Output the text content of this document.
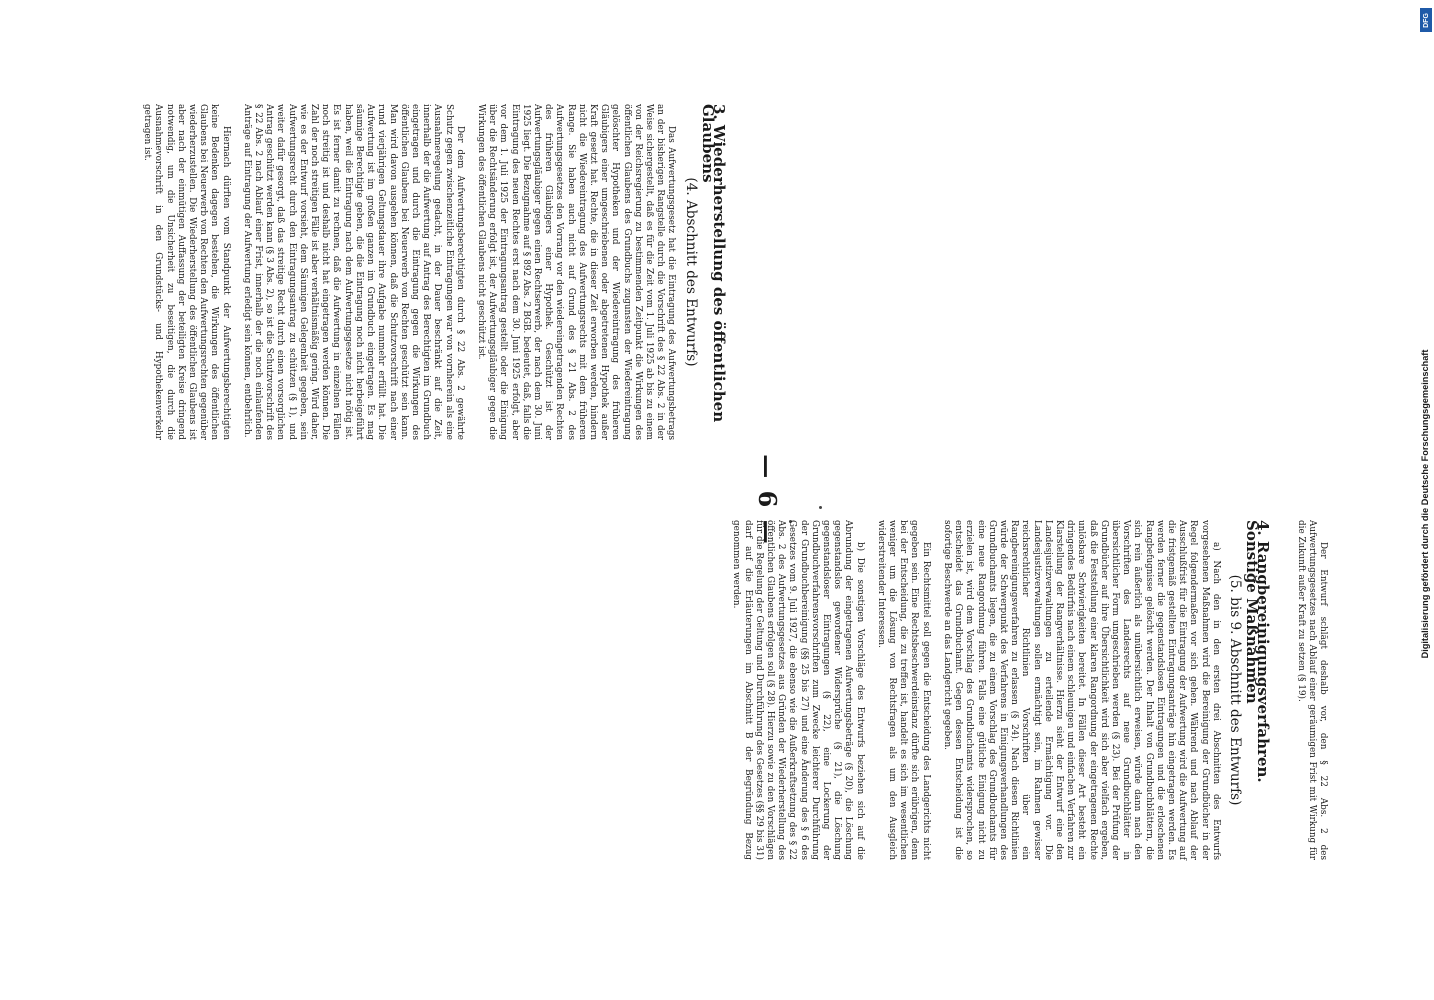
— 6 —

3. Wiederherstellung des öffentlichen Glaubens

(4. Abschnitt des Entwurfs)

Das Aufwertungsgesetz hat die Eintragung des Aufwertungsbetrags an der bisherigen Rangstelle durch die Vorschrift des § 22 Abs. 2 in der Weise sichergestellt, daß es für die Zeit vom 1. Juli 1925 ab bis zu einem von der Reichsregierung zu bestimmenden Zeitpunkt die Wirkungen des öffentlichen Glaubens des Grundbuchs zugunsten der Wiedereintragung gelöschter Hypotheken und der Wiedereintragung des früheren Gläubigers einer umgeschriebenen oder abgetretenen Hypothek außer Kraft gesetzt hat. Rechte, die in dieser Zeit erworben werden, hindern nicht die Wiedereintragung des Aufwertungsrechts mit dem früheren Range. Sie haben auch nicht auf Grund des § 21 Abs. 2 des Aufwertungsgesetzes den Vorrang vor den wiedereingetragenden Rechten des früheren Gläubigers einer Hypothek. Geschützt ist der Aufwertungsgläubiger gegen einen Rechtserwerb, der nach dem 30. Juni 1925 liegt. Die Bezugnahme auf § 892 Abs. 2 BGB. bedeutet, daß, falls die Eintragung des neuen Rechtes erst nach dem 30. Juni 1925 erfolgt, aber vor dem 1. Juli 1925 der Eintragungsantrag gestellt oder die Einigung über die Rechtsänderung erfolgt ist, der Aufwertungsgläubiger gegen die Wirkungen des öffentlichen Glaubens nicht geschützt ist.

Der dem Aufwertungsberechtigten durch § 22 Abs. 2 gewährte Schutz gegen zwischenzeitliche Eintragungen war von vornherein als eine Ausnahmeregelung gedacht, in der Dauer beschränkt auf die Zeit, innerhalb der die Aufwertung auf Antrag des Berechtigten im Grundbuch eingetragen und durch die Eintragung gegen die Wirkungen des öffentlichen Glaubens bei Neuerwerb von Rechten geschützt sein kann. Man wird davon ausgehen können, daß die Schutzvorschrift nach einer rund vierjährigen Geltungsdauer ihre Aufgabe nunmehr erfüllt hat. Die Aufwertung ist im großen ganzen im Grundbuch eingetragen. Es mag säumige Berechtigte geben, die die Eintragung noch nicht herbeigeführt haben, weil die Eintragung nach dem Aufwertungsgesetze nicht nötig ist. Es ist ferner damit zu rechnen, daß die Aufwertung in einzelnen Fällen noch streitig ist und deshalb nicht hat eingetragen werden können. Die Zahl der noch streitigen Fälle ist aber verhältnismäßig gering. Wird daher, wie es der Entwurf vorsieht, dem Säumigen Gelegenheit gegeben, sein Aufwertungsrecht durch den Eintragungsantrag zu schützen (§ 1), und weiter dafür gesorgt, daß das streitige Recht durch einen vorsorglichen Antrag geschützt werden kann (§ 3 Abs. 2), so ist die Schutzvorschrift des § 22 Abs. 2 nach Ablauf einer Frist, innerhalb der die noch einlaufenden Anträge auf Eintragung der Aufwertung erledigt sein können, entbehrlich.

Hiernach dürften vom Standpunkt der Aufwertungsberechtigten keine Bedenken dagegen bestehen, die Wirkungen des öffentlichen Glaubens bei Neuerwerb von Rechten den Aufwertungsrechten gegenüber wiederherzustellen. Die Wiederherstellung des öffentlichen Glaubens ist aber nach der einmütigen Auffassung der beteiligten Kreise dringend notwendig, um die Unsicherheit zu beseitigen, die durch die Ausnahmevorschrift in den Grundstücks- und Hypothekenverkehr getragen ist.

Der Entwurf schlägt deshalb vor, den § 22 Abs. 2 des Aufwertungsgesetzes nach Ablauf einer geräumigen Frist mit Wirkung für die Zukunft außer Kraft zu setzen (§ 19).

4. Rangbereinigungsverfahren. Sonstige Maßnahmen

(5. bis 9. Abschnitt des Entwurfs)

a) Nach den in den ersten drei Abschnitten des Entwurfs vorgesehenen Maßnahmen wird die Bereinigung der Grundbücher in der Regel folgendermaßen vor sich gehen. Während und nach Ablauf der Ausschlußfrist für die Eintragung der Aufwertung wird die Aufwertung auf die fristgemäß gestellten Eintragungsanträge hin eingetragen werden. Es werden ferner die gegenstandslosen Eintragungen und die erloschenen Rangbefugnisse gelöscht werden. Der Inhalt von Grundbuchblättern, die sich rein äußerlich als unübersichtlich erweisen, würde dann nach den Vorschriften des Landesrechts auf neue Grundbuchblätter in übersichtlicher Form umgeschrieben werden (§ 23). Bei der Prüfung der Grundbücher auf ihre Übersichtlichkeit wird sich aber vielfach ergeben, daß die Feststellung einer klaren Rangordnung der eingetragenen Rechte unlösbare Schwierigkeiten bereitet. In Fällen dieser Art besteht ein dringendes Bedürfnis nach einem schleunigen und einfachen Verfahren zur Klarstellung der Rangverhältnisse. Hierzu sieht der Entwurf eine den Landesjustizverwaltungen zu erteilende Ermächtigung vor. Die Landesjustizverwaltungen sollen ermächtigt sein, im Rahmen gewisser reichsrechtlicher Richtlinien Vorschriften über ein Rangbereinigungsverfahren zu erlassen (§ 24). Nach diesen Richtlinien würde der Schwerpunkt des Verfahrens in Einigungsverhandlungen des Grundbuchamts liegen, die zu einem Vorschlag des Grundbuchamts für eine neue Rangordnung führen. Falls eine gütliche Einigung nicht zu erzielen ist, wird dem Vorschlag des Grundbuchamts widersprochen, so entscheidet das Grundbuchamt. Gegen dessen Entscheidung ist die sofortige Beschwerde an das Landgericht gegeben.

Ein Rechtsmittel soll gegen die Entscheidung des Landgerichts nicht gegeben sein. Eine Rechtsbeschwerdeinstanz dürfte sich erübrigen, denn bei der Entscheidung, die zu treffen ist, handelt es sich im wesentlichen weniger um die Lösung von Rechtsfragen als um den Ausgleich widerstreitender Interessen.

b) Die sonstigen Vorschläge des Entwurfs beziehen sich auf die Abrundung der eingetragenen Aufwertungsbeträge (§ 20), die Löschung gegenstandslos gewordener Widersprüche (§ 21), die Löschung gegenstandsloser Eintragungen (§ 22), eine Lockerung der Grundbuchverfahrensvorschriften zum Zwecke leichterer Durchführung der Grundbuchbereinigung (§§ 25 bis 27) und eine Änderung des § 6 des Gesetzes vom 9. Juli 1927, die ebenso wie die Außerkraftsetzung des § 22 Abs. 2 des Aufwertungsgesetzes aus Gründen der Wiederherstellung des öffentlichen Glaubens erfolgen soll (§ 28). Hierzu sowie zu den Vorschlägen für die Regelung der Geltung und Durchführung des Gesetzes (§§ 29 bis 31) darf auf die Erläuterungen im Abschnitt B der Begründung Bezug genommen werden.	Digitalisierung gefördert durch die Deutsche Forschungsgemeinschaft
DFG
